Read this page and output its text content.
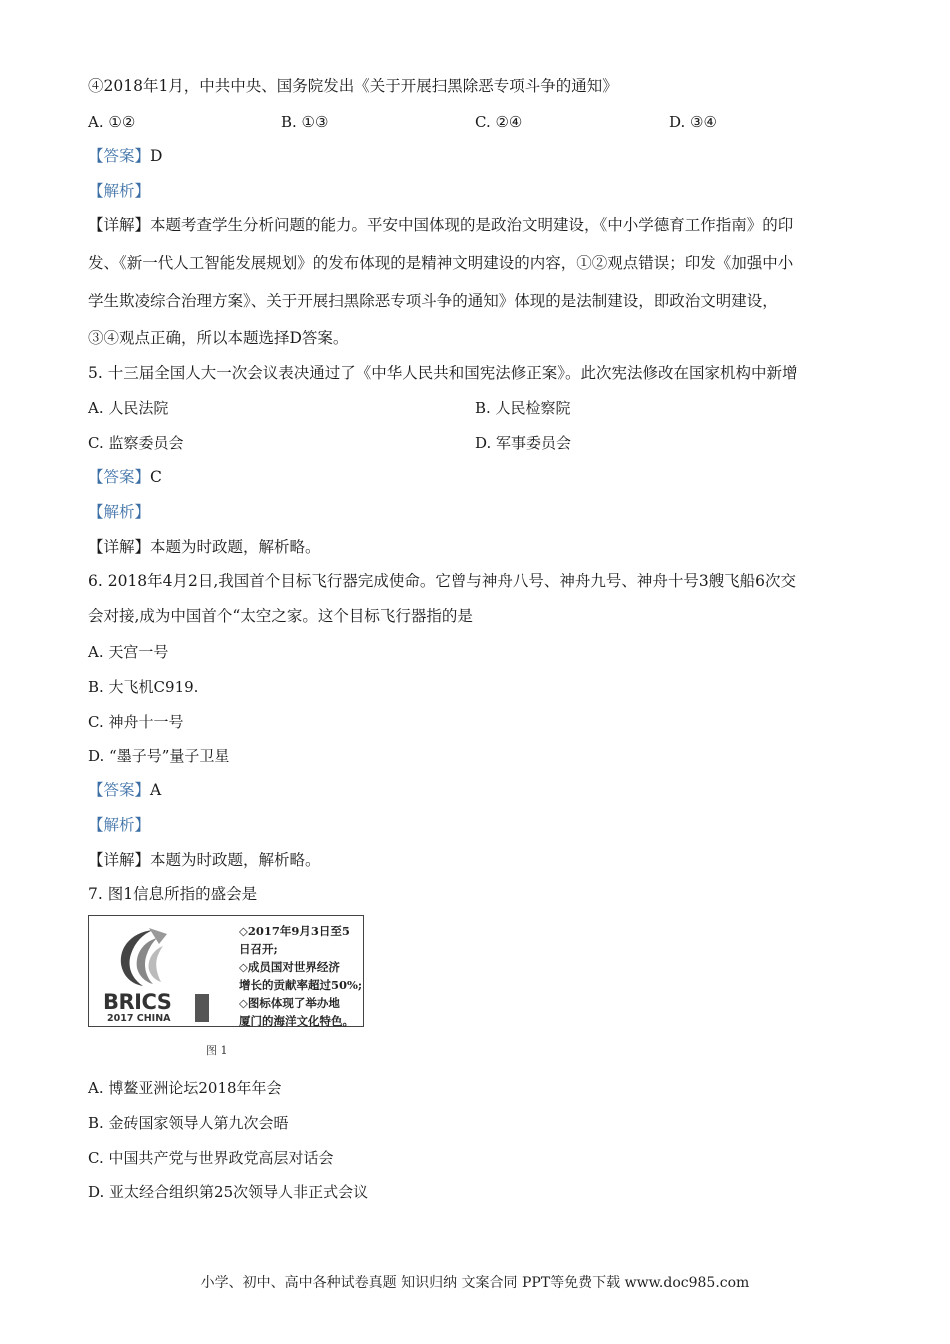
④2018年1月，中共中央、国务院发出《关于开展扫黑除恶专项斗争的通知》
A. ①②	B. ①③	C. ②④	D. ③④
【答案】D
【解析】
【详解】本题考查学生分析问题的能力。平安中国体现的是政治文明建设，《中小学德育工作指南》的印
发、《新一代人工智能发展规划》的发布体现的是精神文明建设的内容，①②观点错误；印发《加强中小
学生欺凌综合治理方案》、关于开展扫黑除恶专项斗争的通知》体现的是法制建设，即政治文明建设，
③④观点正确，所以本题选择D答案。
5. 十三届全国人大一次会议表决通过了《中华人民共和国宪法修正案》。此次宪法修改在国家机构中新增
A. 人民法院	B. 人民检察院
C. 监察委员会	D. 军事委员会
【答案】C
【解析】
【详解】本题为时政题，解析略。
6. 2018年4月2日,我国首个目标飞行器完成使命。它曾与神舟八号、神舟九号、神舟十号3艘飞船6次交
会对接,成为中国首个“太空之家。这个目标飞行器指的是
A. 天宫一号
B. 大飞机C919.
C. 神舟十一号
D. “墨子号”量子卫星
【答案】A
【解析】
【详解】本题为时政题，解析略。
7. 图1信息所指的盛会是
BRICS
2017 CHINA
◇2017年9月3日至5
日召开;
◇成员国对世界经济
增长的贡献率超过50%;
◇图标体现了举办地
厦门的海洋文化特色。
图 1
A. 博鳌亚洲论坛2018年年会
B. 金砖国家领导人第九次会晤
C. 中国共产党与世界政党高层对话会
D. 亚太经合组织第25次领导人非正式会议
小学、初中、高中各种试卷真题 知识归纳 文案合同 PPT等免费下载 www.doc985.com
